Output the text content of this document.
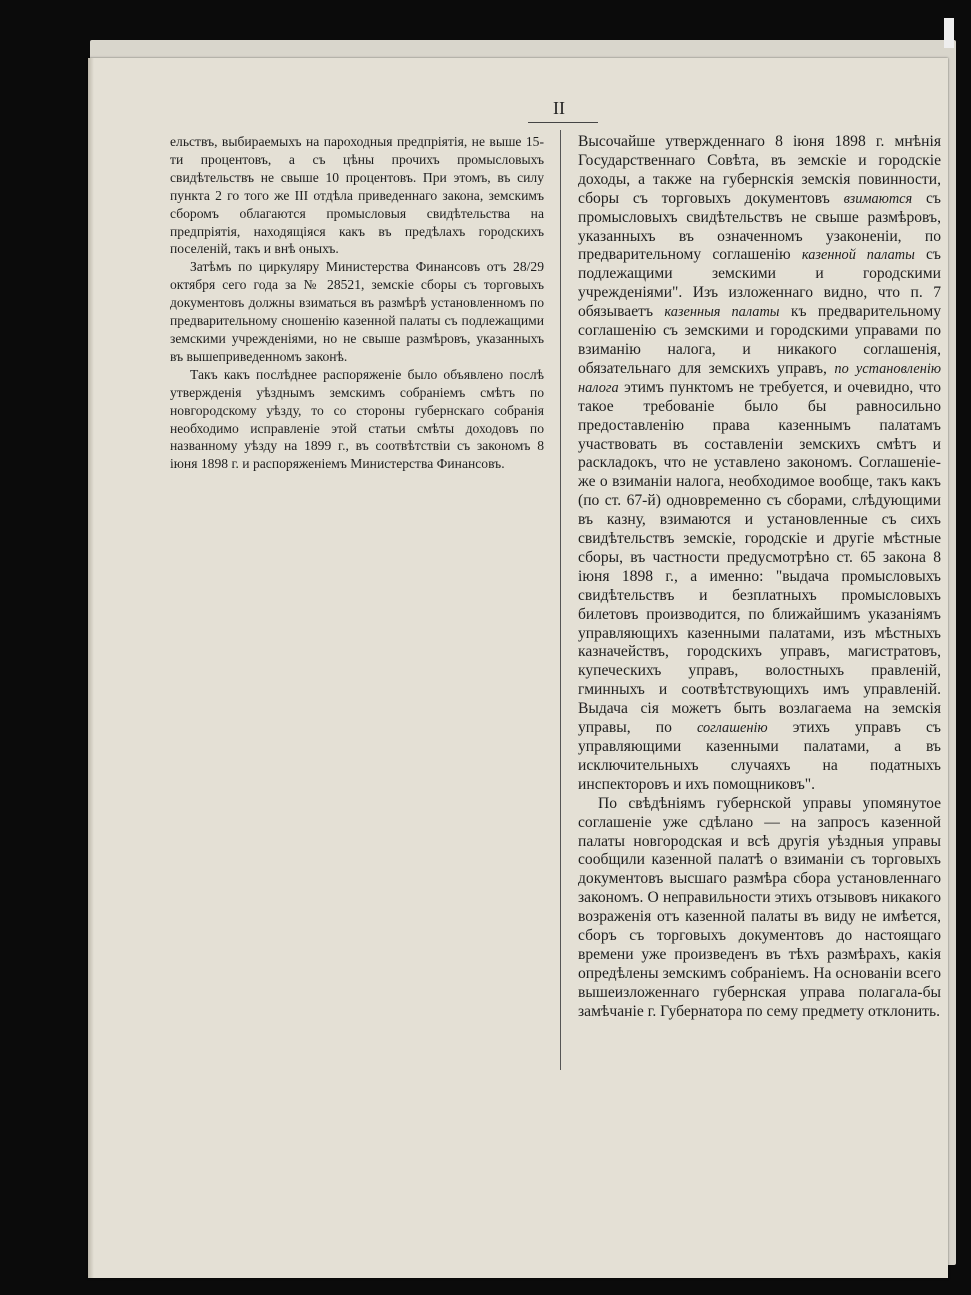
II

ельствъ, выбираемыхъ на пароходныя предпріятія, не выше 15-ти процентовъ, а съ цѣны прочихъ промысловыхъ свидѣтельствъ не свыше 10 процентовъ. При этомъ, въ силу пункта 2 го того же III отдѣла приведеннаго закона, земскимъ сборомъ облагаются промысловыя свидѣтельства на предпріятія, находящіяся какъ въ предѣлахъ городскихъ поселеній, такъ и внѣ оныхъ.

Затѣмъ по циркуляру Министерства Финансовъ отъ 28/29 октября сего года за № 28521, земскіе сборы съ торговыхъ документовъ должны взиматься въ размѣрѣ установленномъ по предварительному сношенію казенной палаты съ подлежащими земскими учрежденіями, но не свыше размѣровъ, указанныхъ въ вышеприведенномъ законѣ.

Такъ какъ послѣднее распоряженіе было объявлено послѣ утвержденія уѣзднымъ земскимъ собраніемъ смѣтъ по новгородскому уѣзду, то со стороны губернскаго собранія необходимо исправленіе этой статьи смѣты доходовъ по названному уѣзду на 1899 г., въ соотвѣтствіи съ закономъ 8 іюня 1898 г. и распоряженіемъ Министерства Финансовъ.

Высочайше утвержденнаго 8 іюня 1898 г. мнѣнія Государственнаго Совѣта, въ земскіе и городскіе доходы, а также на губернскія земскія повинности, сборы съ торговыхъ документовъ взимаются съ промысловыхъ свидѣтельствъ не свыше размѣровъ, указанныхъ въ означенномъ узаконеніи, по предварительному соглашенію казенной палаты съ подлежащими земскими и городскими учрежденіями". Изъ изложеннаго видно, что п. 7 обязываетъ казенныя палаты къ предварительному соглашенію съ земскими и городскими управами по взиманію налога, и никакого соглашенія, обязательнаго для земскихъ управъ, по установленію налога этимъ пунктомъ не требуется, и очевидно, что такое требованіе было бы равносильно предоставленію права казеннымъ палатамъ участвовать въ составленіи земскихъ смѣтъ и раскладокъ, что не уставлено закономъ. Соглашеніе-же о взиманіи налога, необходимое вообще, такъ какъ (по ст. 67-й) одновременно съ сборами, слѣдующими въ казну, взимаются и установленные съ сихъ свидѣтельствъ земскіе, городскіе и другіе мѣстные сборы, въ частности предусмотрѣно ст. 65 закона 8 іюня 1898 г., а именно: "выдача промысловыхъ свидѣтельствъ и безплатныхъ промысловыхъ билетовъ производится, по ближайшимъ указаніямъ управляющихъ казенными палатами, изъ мѣстныхъ казначействъ, городскихъ управъ, магистратовъ, купеческихъ управъ, волостныхъ правленій, гминныхъ и соотвѣтствующихъ имъ управленій. Выдача сія можетъ быть возлагаема на земскія управы, по соглашенію этихъ управъ съ управляющими казенными палатами, а въ исключительныхъ случаяхъ на податныхъ инспекторовъ и ихъ помощниковъ".

По свѣдѣніямъ губернской управы упомянутое соглашеніе уже сдѣлано — на запросъ казенной палаты новгородская и всѣ другія уѣздныя управы сообщили казенной палатѣ о взиманіи съ торговыхъ документовъ высшаго размѣра сбора установленнаго закономъ. О неправильности этихъ отзывовъ никакого возраженія отъ казенной палаты въ виду не имѣется, сборъ съ торговыхъ документовъ до настоящаго времени уже произведенъ въ тѣхъ размѣрахъ, какія опредѣлены земскимъ собраніемъ. На основаніи всего вышеизложеннаго губернская управа полагала-бы замѣчаніе г. Губернатора по сему предмету отклонить.
